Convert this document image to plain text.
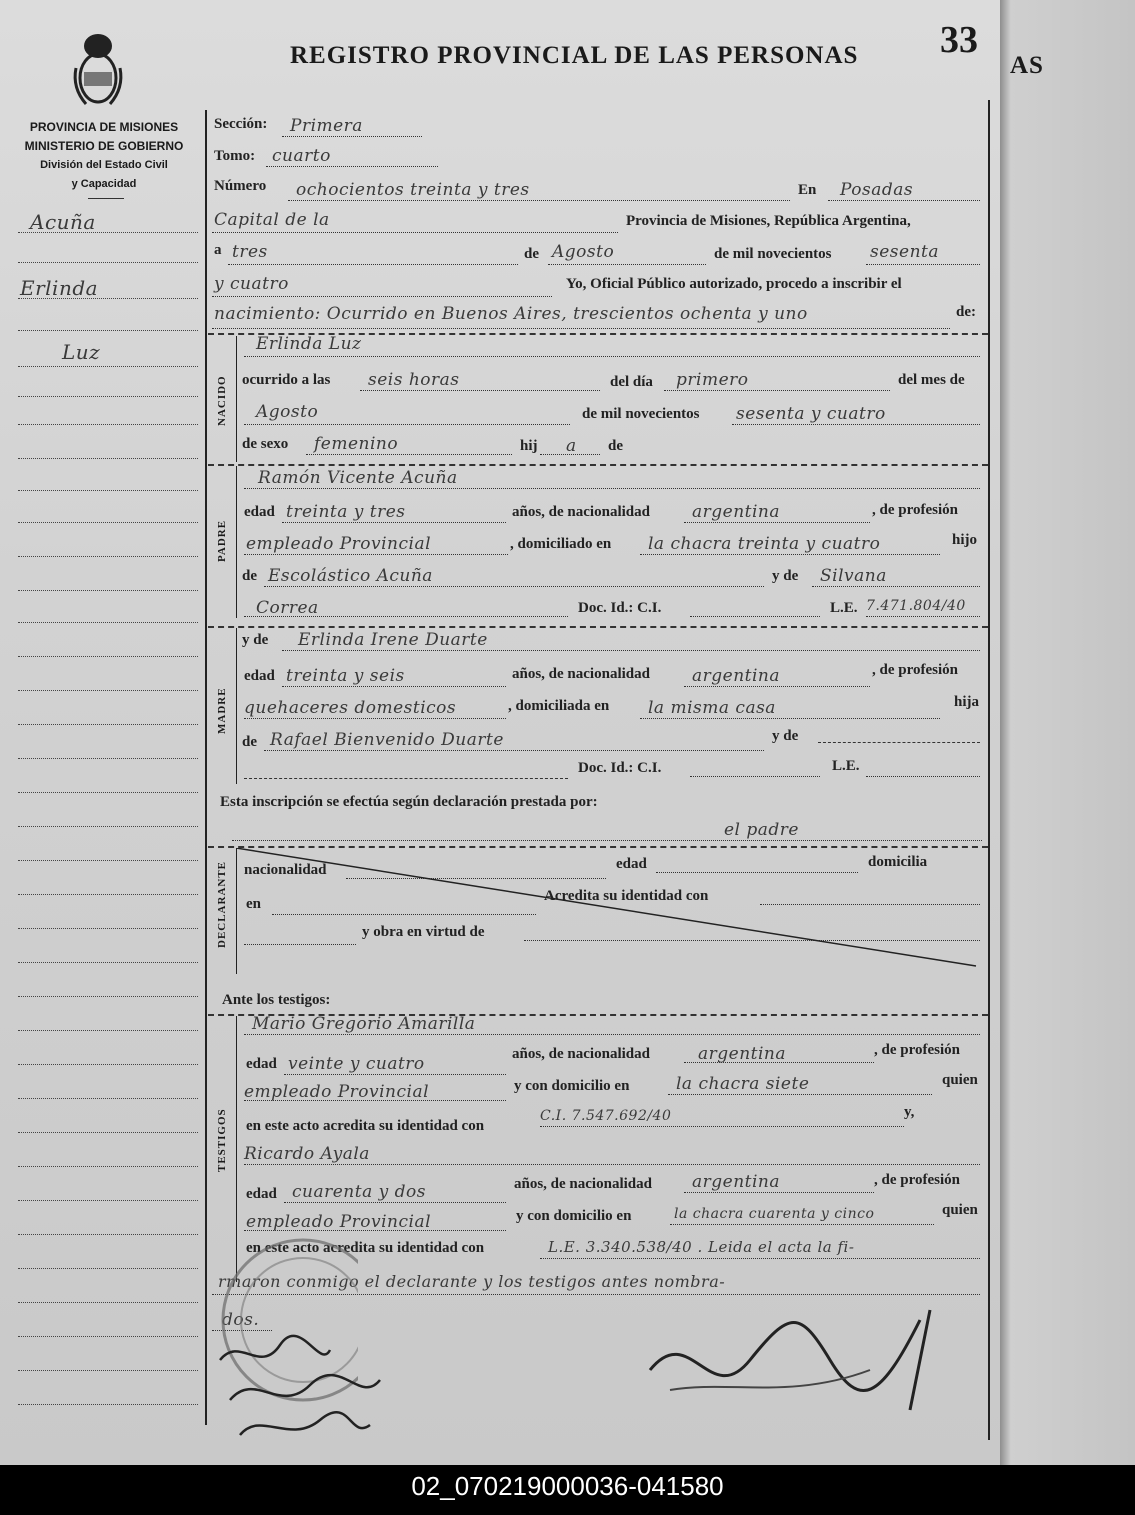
REGISTRO PROVINCIAL DE LAS PERSONAS 33
AS
PROVINCIA DE MISIONES
MINISTERIO DE GOBIERNO
División del Estado Civil
y Capacidad
Acuña
Erlinda
Luz
Sección: Primera
Tomo: cuarto
Número ochocientos treinta y tres	En Posadas
Capital de la	Provincia de Misiones, República Argentina,
a tres	de Agosto	de mil novecientos sesenta
y cuatro	Yo, Oficial Público autorizado, procedo a inscribir el
nacimiento: Ocurrido en Buenos Aires, trescientos ochenta y uno	de:
NACIDO
Erlinda Luz
ocurrido a las seis horas	del día primero	del mes de
Agosto	de mil novecientos sesenta y cuatro
de sexo femenino	hij a de
PADRE
Ramón Vicente Acuña
edad treinta y tres	años, de nacionalidad argentina	, de profesión
empleado Provincial	, domiciliado en la chacra treinta y cuatro	hijo
de Escolástico Acuña	y de Silvana
Correa	Doc. Id.: C.I.	L.E. 7.471.804/40
MADRE
y de Erlinda Irene Duarte
edad treinta y seis	años, de nacionalidad argentina	, de profesión
quehaceres domesticos	, domiciliada en la misma casa	hija
de Rafael Bienvenido Duarte	y de
Doc. Id.: C.I.	L.E.
Esta inscripción se efectúa según declaración prestada por:
el padre
DECLARANTE nacionalidad	edad	domicilia
en	Acredita su identidad con
y obra en virtud de
Ante los testigos:
TESTIGOS
Mario Gregorio Amarilla
edad veinte y cuatro	años, de nacionalidad	argentina	, de profesión
empleado Provincial	y con domicilio en	la chacra siete	quien
en este acto acredita su identidad con
C.I. 7.547.692/40	y,
Ricardo Ayala
edad cuarenta y dos	años, de nacionalidad argentina	, de profesión
empleado Provincial	y con domicilio en	la chacra cuarenta y cinco	quien
en este acto acredita su identidad con	L.E. 3.340.538/40 . Leida el acta la fi-
rmaron conmigo el declarante y los testigos antes nombra-
dos.
02_070219000036-041580
